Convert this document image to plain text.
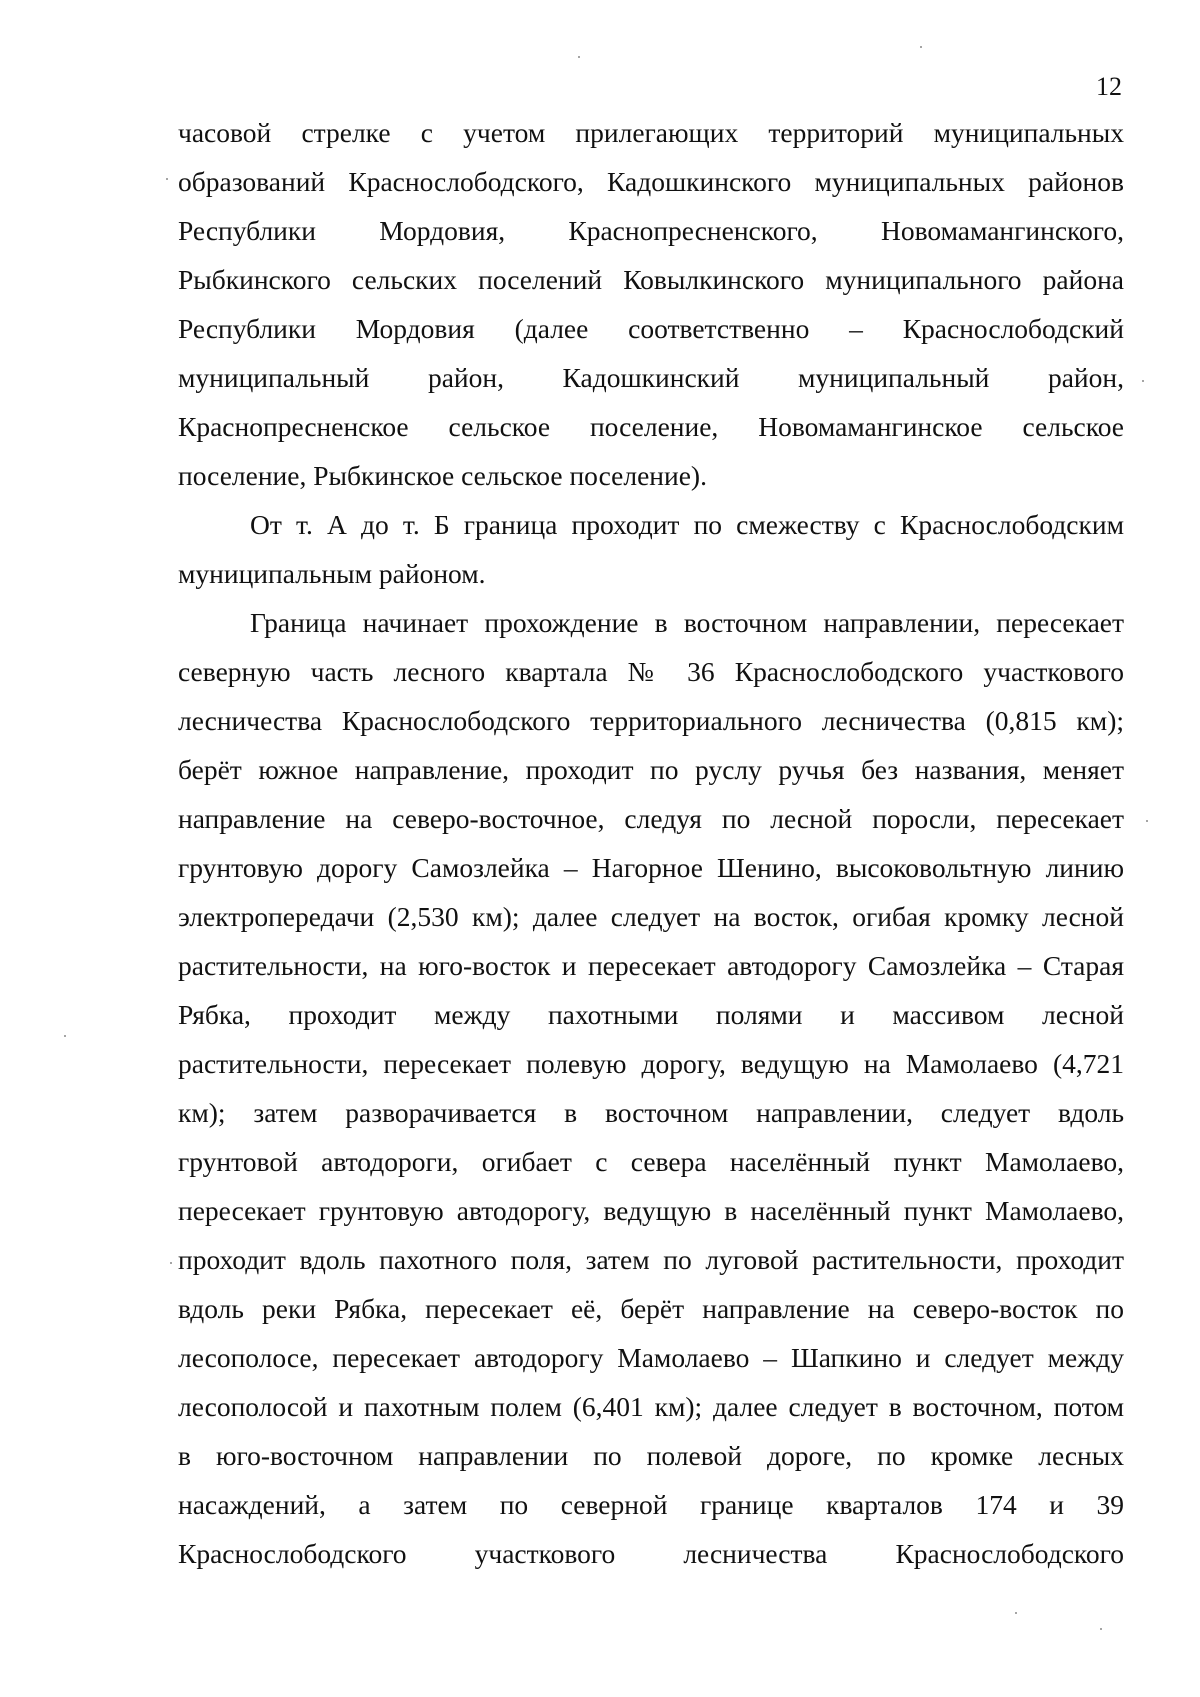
12
часовой стрелке с учетом прилегающих территорий муниципальных
образований Краснослободского, Кадошкинского муниципальных районов
Республики Мордовия, Краснопресненского, Новомамангинского,
Рыбкинского сельских поселений Ковылкинского муниципального района
Республики Мордовия (далее соответственно – Краснослободский
муниципальный район, Кадошкинский муниципальный район,
Краснопресненское сельское поселение, Новомамангинское сельское
поселение, Рыбкинское сельское поселение).
От т. А до т. Б граница проходит по смежеству с Краснослободским
муниципальным районом.
Граница начинает прохождение в восточном направлении, пересекает
северную часть лесного квартала № 36 Краснослободского участкового
лесничества Краснослободского территориального лесничества (0,815 км);
берёт южное направление, проходит по руслу ручья без названия, меняет
направление на северо-восточное, следуя по лесной поросли, пересекает
грунтовую дорогу Самозлейка – Нагорное Шенино, высоковольтную линию
электропередачи (2,530 км); далее следует на восток, огибая кромку лесной
растительности, на юго-восток и пересекает автодорогу Самозлейка – Старая
Рябка, проходит между пахотными полями и массивом лесной
растительности, пересекает полевую дорогу, ведущую на Мамолаево (4,721
км); затем разворачивается в восточном направлении, следует вдоль
грунтовой автодороги, огибает с севера населённый пункт Мамолаево,
пересекает грунтовую автодорогу, ведущую в населённый пункт Мамолаево,
проходит вдоль пахотного поля, затем по луговой растительности, проходит
вдоль реки Рябка, пересекает её, берёт направление на северо-восток по
лесополосе, пересекает автодорогу Мамолаево – Шапкино и следует между
лесополосой и пахотным полем (6,401 км); далее следует в восточном, потом
в юго-восточном направлении по полевой дороге, по кромке лесных
насаждений, а затем по северной границе кварталов 174 и 39
Краснослободского участкового лесничества Краснослободского
